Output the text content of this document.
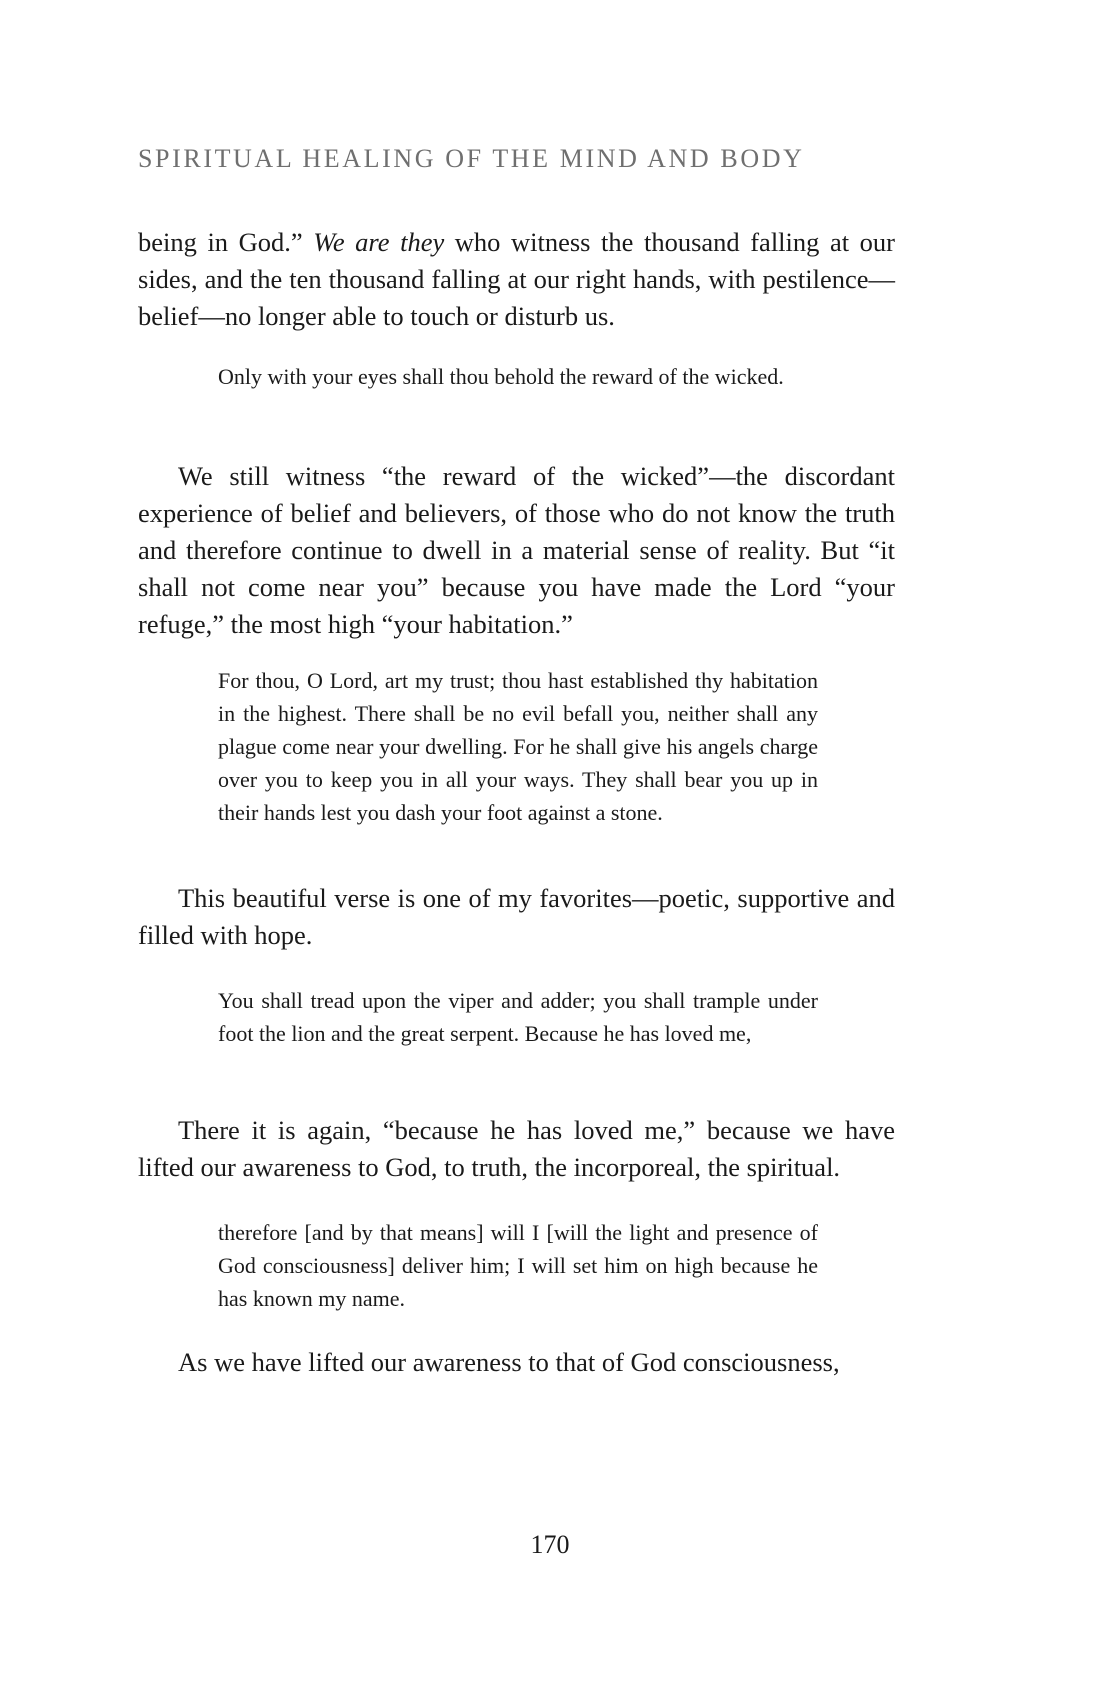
SPIRITUAL HEALING OF THE MIND AND BODY

being in God.” We are they who witness the thousand falling at our sides, and the ten thousand falling at our right hands, with pestilence—belief—no longer able to touch or disturb us.

Only with your eyes shall thou behold the reward of the wicked.

We still witness “the reward of the wicked”—the discordant experience of belief and believers, of those who do not know the truth and therefore continue to dwell in a material sense of reality. But “it shall not come near you” because you have made the Lord “your refuge,” the most high “your habitation.”

For thou, O Lord, art my trust; thou hast established thy habitation in the highest. There shall be no evil befall you, neither shall any plague come near your dwelling. For he shall give his angels charge over you to keep you in all your ways. They shall bear you up in their hands lest you dash your foot against a stone.

This beautiful verse is one of my favorites—poetic, supportive and filled with hope.

You shall tread upon the viper and adder; you shall trample under foot the lion and the great serpent. Because he has loved me,

There it is again, “because he has loved me,” because we have lifted our awareness to God, to truth, the incorporeal, the spiritual.

therefore [and by that means] will I [will the light and presence of God consciousness] deliver him; I will set him on high because he has known my name.

As we have lifted our awareness to that of God consciousness,

170
